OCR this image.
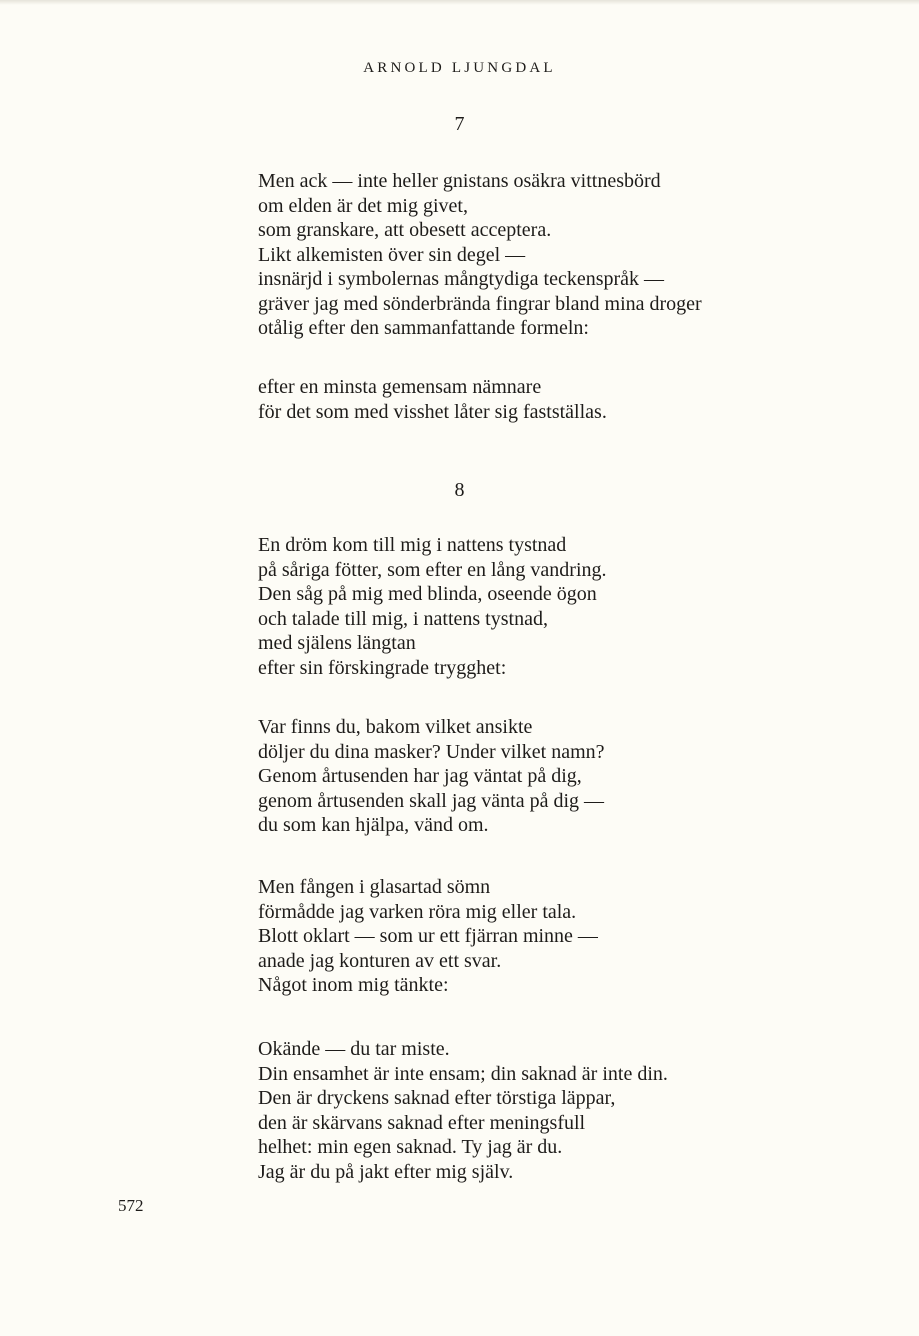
ARNOLD LJUNGDAL
7
Men ack — inte heller gnistans osäkra vittnesbörd
om elden är det mig givet,
som granskare, att obesett acceptera.
Likt alkemisten över sin degel —
insnärjd i symbolernas mångtydiga teckenspråk —
gräver jag med sönderbrända fingrar bland mina droger
otålig efter den sammanfattande formeln:
efter en minsta gemensam nämnare
för det som med visshet låter sig fastställas.
8
En dröm kom till mig i nattens tystnad
på såriga fötter, som efter en lång vandring.
Den såg på mig med blinda, oseende ögon
och talade till mig, i nattens tystnad,
med själens längtan
efter sin förskingrade trygghet:
Var finns du, bakom vilket ansikte
döljer du dina masker? Under vilket namn?
Genom årtusenden har jag väntat på dig,
genom årtusenden skall jag vänta på dig —
du som kan hjälpa, vänd om.
Men fången i glasartad sömn
förmådde jag varken röra mig eller tala.
Blott oklart — som ur ett fjärran minne —
anade jag konturen av ett svar.
Något inom mig tänkte:
Okände — du tar miste.
Din ensamhet är inte ensam; din saknad är inte din.
Den är dryckens saknad efter törstiga läppar,
den är skärvans saknad efter meningsfull
helhet: min egen saknad. Ty jag är du.
Jag är du på jakt efter mig själv.
572
